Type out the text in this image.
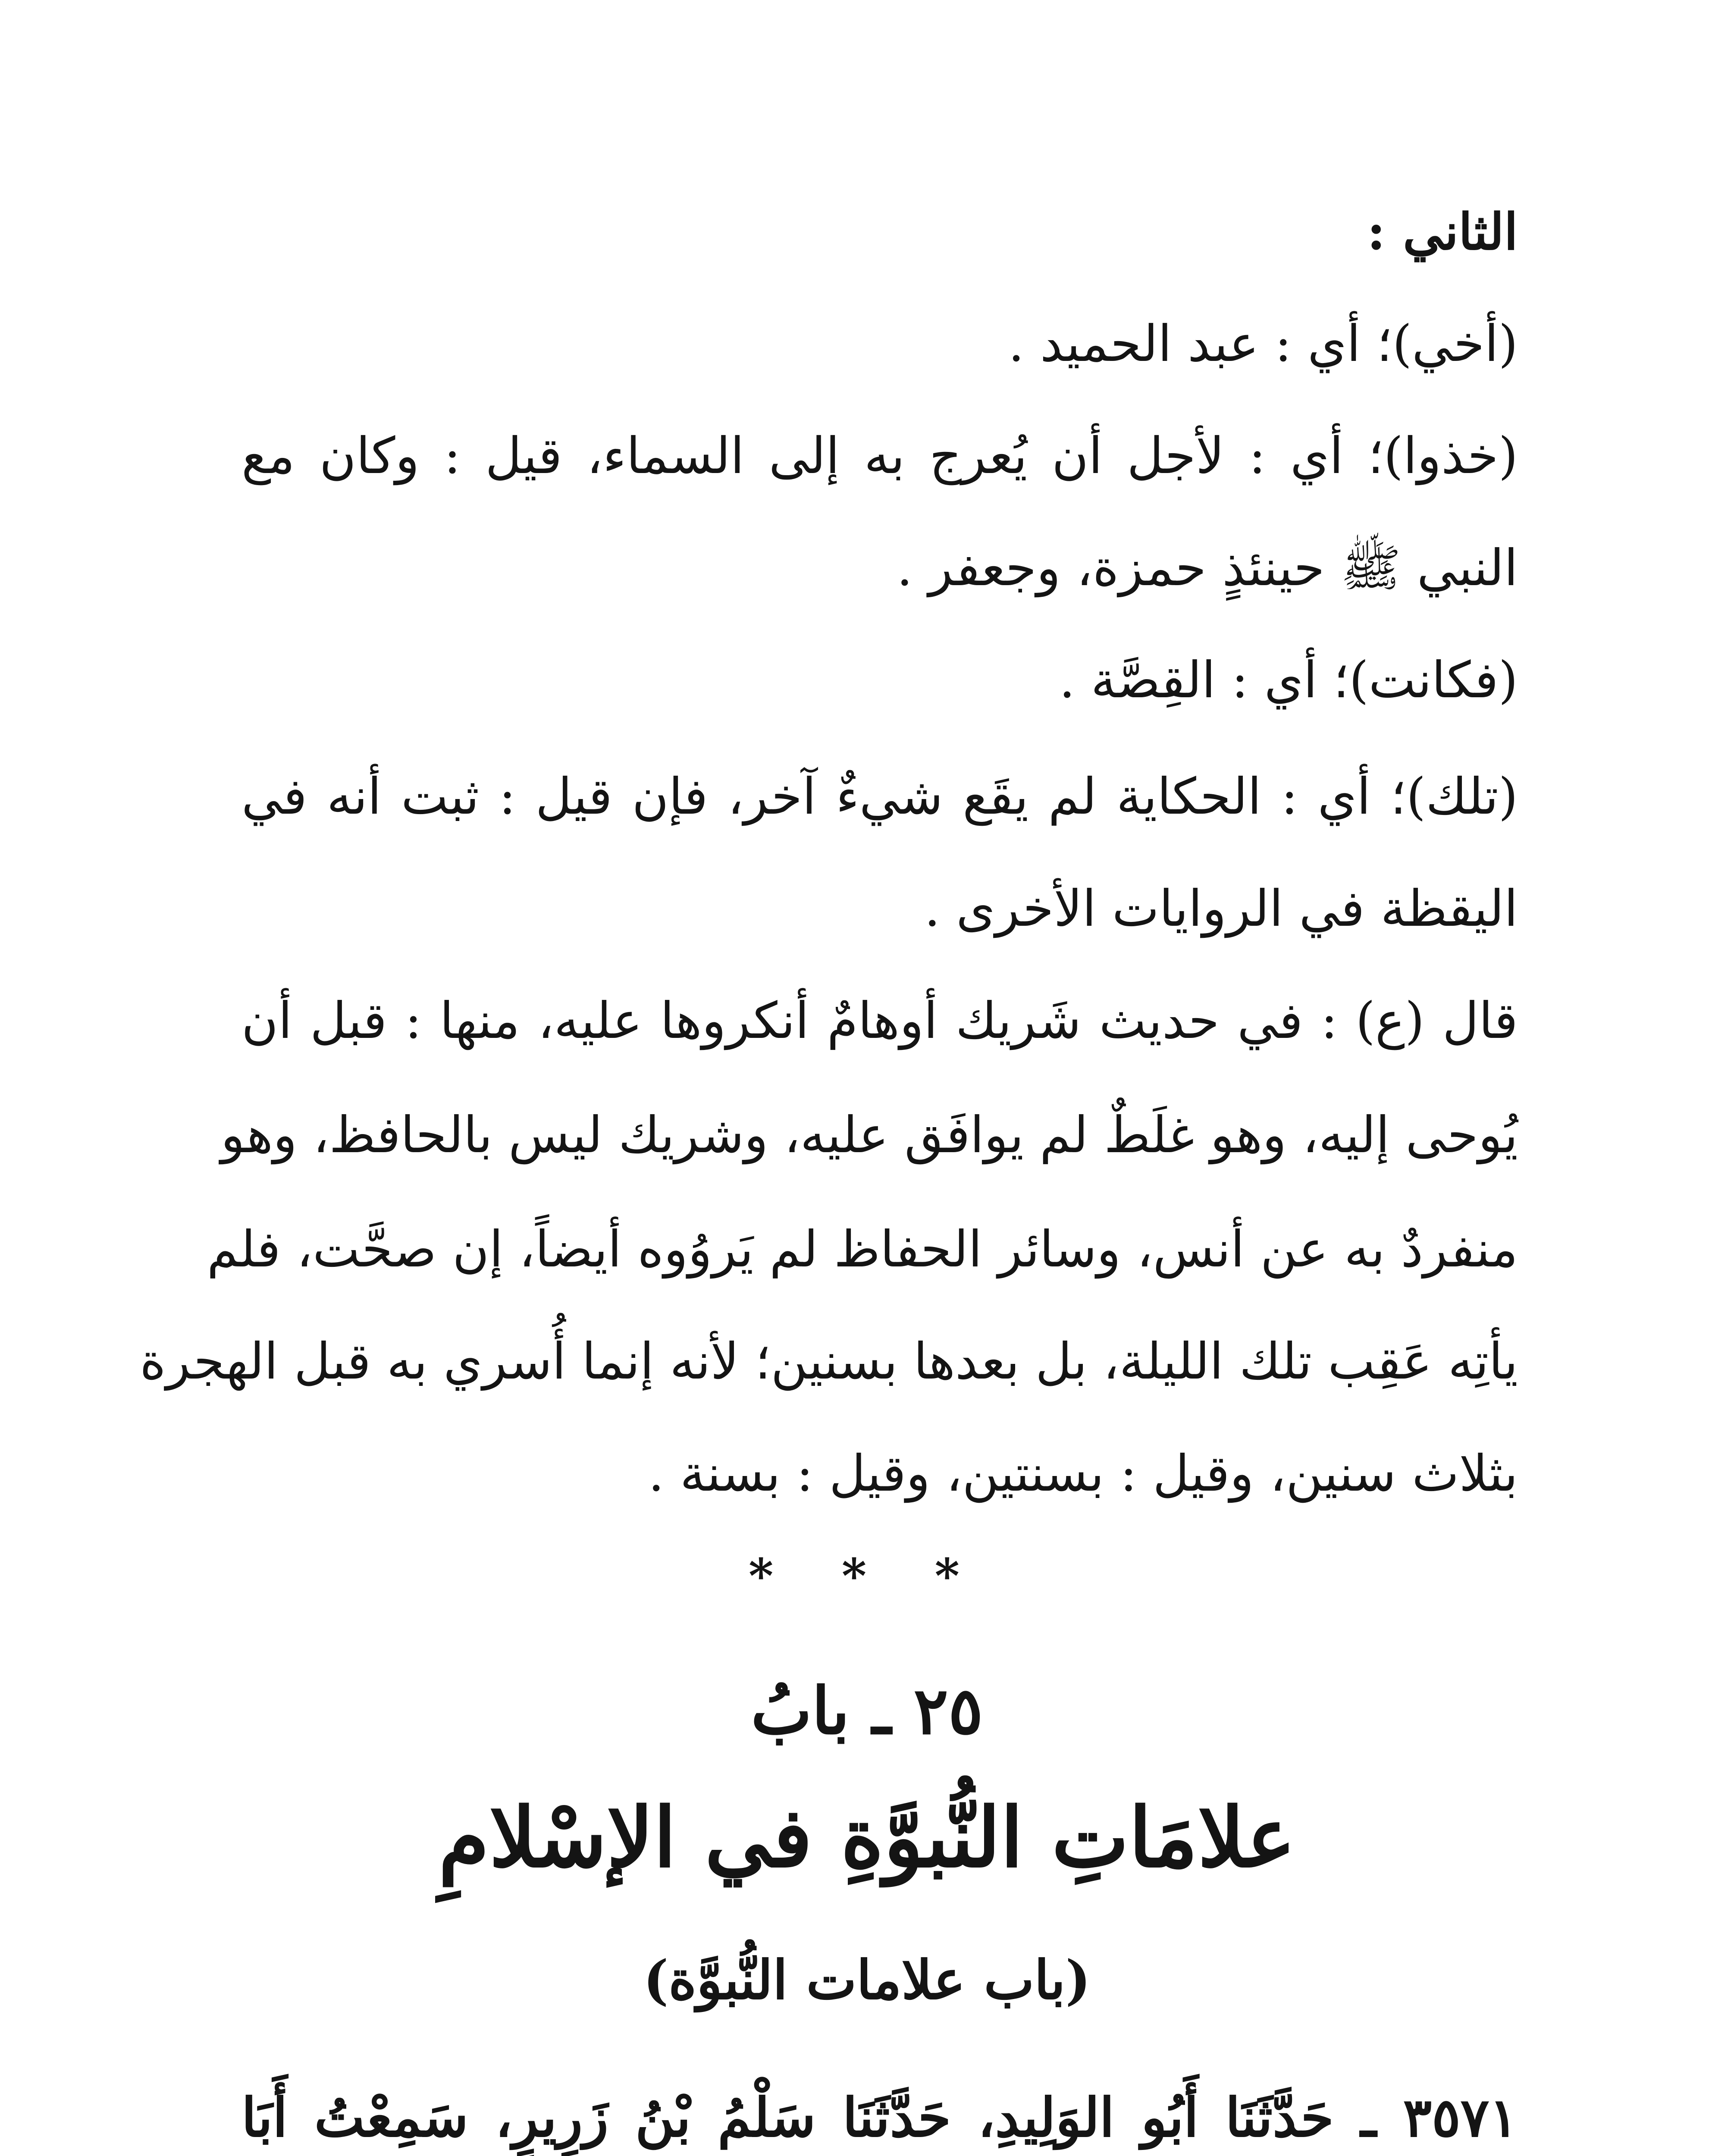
الثاني :
(أخي)؛ أي : عبد الحميد .
(خذوا)؛ أي : لأجل أن يُعرج به إلى السماء، قيل : وكان مع
النبي ﷺ حينئذٍ حمزة، وجعفر .
(فكانت)؛ أي : القِصَّة .
(تلك)؛ أي : الحكاية لم يقَع شيءٌ آخر، فإن قيل : ثبت أنه في
اليقظة في الروايات الأخرى .
قال (ع) : في حديث شَريك أوهامٌ أنكروها عليه، منها : قبل أن
يُوحى إليه، وهو غلَطٌ لم يوافَق عليه، وشريك ليس بالحافظ، وهو
منفردٌ به عن أنس، وسائر الحفاظ لم يَروُوه أيضاً، إن صحَّت، فلم
يأتِه عَقِب تلك الليلة، بل بعدها بسنين؛ لأنه إنما أُسري به قبل الهجرة
بثلاث سنين، وقيل : بسنتين، وقيل : بسنة .
* * *
٢٥ ـ بابُ
علامَاتِ النُّبوَّةِ في الإسْلامِ
(باب علامات النُّبوَّة)
٣٥٧١ ـ حَدَّثَنَا أَبُو الوَلِيدِ، حَدَّثَنَا سَلْمُ بْنُ زَرِيرٍ، سَمِعْتُ أَبَا
